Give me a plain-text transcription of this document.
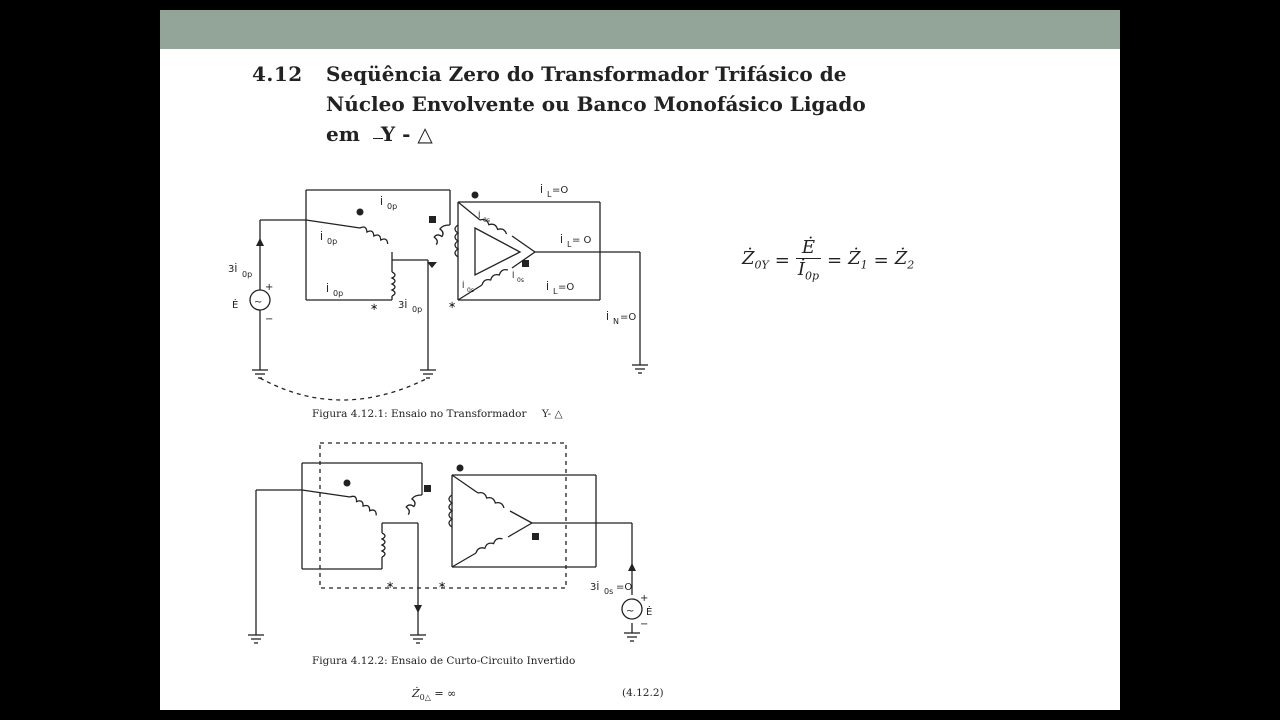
4.12 Seqüência Zero do Transformador Trifásico de
Núcleo Envolvente ou Banco Monofásico Ligado
em Y - △
~
3İ 0p
Ė
+
−
İ 0p
İ 0p
İ 0p
∗ 3İ 0p	∗
İ L =O
İ L = O
İ L =O
İ N =O
İ
0s
İ
0s
İ
0s
Figura 4.12.1: Ensaio no Transformador Y- △
$Ż_{0Y} = \frac{Ė}{İ_{0p}}$ = $Ż_1$ = $Ż_2$
~
3İ 0s =O
Ė
+
−
∗	∗
Figura 4.12.2: Ensaio de Curto-Circuito Invertido
$Ż_{0\triangle}$ = ∞	(4.12.2)
